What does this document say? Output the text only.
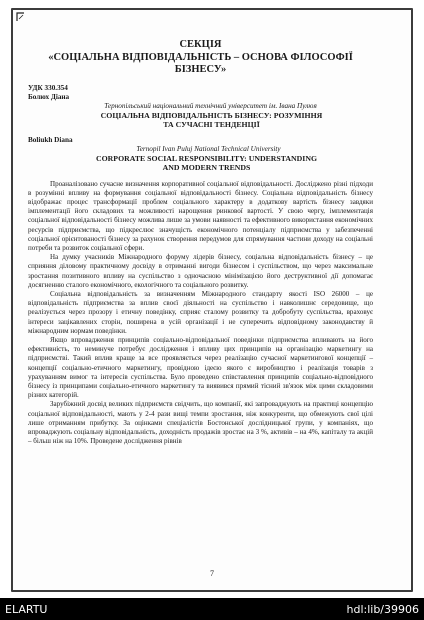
СЕКЦІЯ
«СОЦІАЛЬНА ВІДПОВІДАЛЬНІСТЬ – ОСНОВА ФІЛОСОФІЇ
БІЗНЕСУ»
УДК 330.354
Болюх Діана
Тернопільський національний технічний університет ім. Івана Пулюя
СОЦІАЛЬНА ВІДПОВІДАЛЬНІСТЬ БІЗНЕСУ: РОЗУМІННЯ
ТА СУЧАСНІ ТЕНДЕНЦІЇ
Boliukh Diana
Ternopil Ivan Puluj National Technical University
CORPORATE SOCIAL RESPONSIBILITY: UNDERSTANDING
AND MODERN TRENDS

Проаналізовано сучасне визначення корпоративної соціальної відповідальності. Досліджено різні підходи в розумінні впливу на формування соціальної відповідальності бізнесу. Соціальна відповідальність бізнесу відображає процес трансформації проблем соціального характеру в додаткову вартість бізнесу завдяки імплементації його складових та можливості нарощення ринкової вартості. У свою чергу, імплементація соціальної відповідальності бізнесу можлива лише за умови наявності та ефективного використання економічних ресурсів підприємства, що підкреслює значущість економічного потенціалу підприємства у забезпеченні соціальної орієнтованості бізнесу за рахунок створення передумов для спрямування частини доходу на соціальні потреби та розвиток соціальної сфери.

На думку учасників Міжнародного форуму лідерів бізнесу, соціальна відповідальність бізнесу – це сприяння діловому практичному досвіду в отриманні вигоди бізнесом і суспільством, що через максимальне зростання позитивного впливу на суспільство з одночасною мінімізацією його деструктивної дії допомагає досягненню сталого економічного, екологічного та соціального розвитку.

Соціальна відповідальність за визначенням Міжнародного стандарту якості ISO 26000 – це відповідальність підприємства за вплив своєї діяльності на суспільство і навколишнє середовище, що реалізується через прозору і етичну поведінку, сприяє сталому розвитку та добробуту суспільства, враховує інтереси зацікавлених сторін, поширена в усій організації і не суперечить відповідному законодавству й міжнародним нормам поведінки.

Якщо впровадження принципів соціально-відповідальної поведінки підприємства впливають на його ефективність, то неминуче потребує дослідження і впливу цих принципів на організацію маркетингу на підприємстві. Такий вплив краще за все проявляється через реалізацію сучасної маркетингової концепції – концепції соціально-етичного маркетингу, провідною ідеєю якого є виробництво і реалізація товарів з урахуванням вимог та інтересів суспільства. Було проведено співставлення принципів соціально-відповідного бізнесу із принципами соціально-етичного маркетингу та виявився прямий тісний зв'язок між цими складовими різних категорій.

Зарубіжний досвід великих підприємств свідчить, що компанії, які запроваджують на практиці концепцію соціальної відповідальності, мають у 2-4 рази вищі темпи зростання, ніж конкуренти, що обмежують свої цілі лише отриманням прибутку. За оцінками спеціалістів Бостонської дослідницької групи, у компаніях, що впроваджують соціальну відповідальність, доходність продажів зростає на 3 %, активів – на 4%, капіталу та акцій – більш ніж на 10%. Проведене дослідження рівнів

7
ELARTU	hdl:lib/39906
